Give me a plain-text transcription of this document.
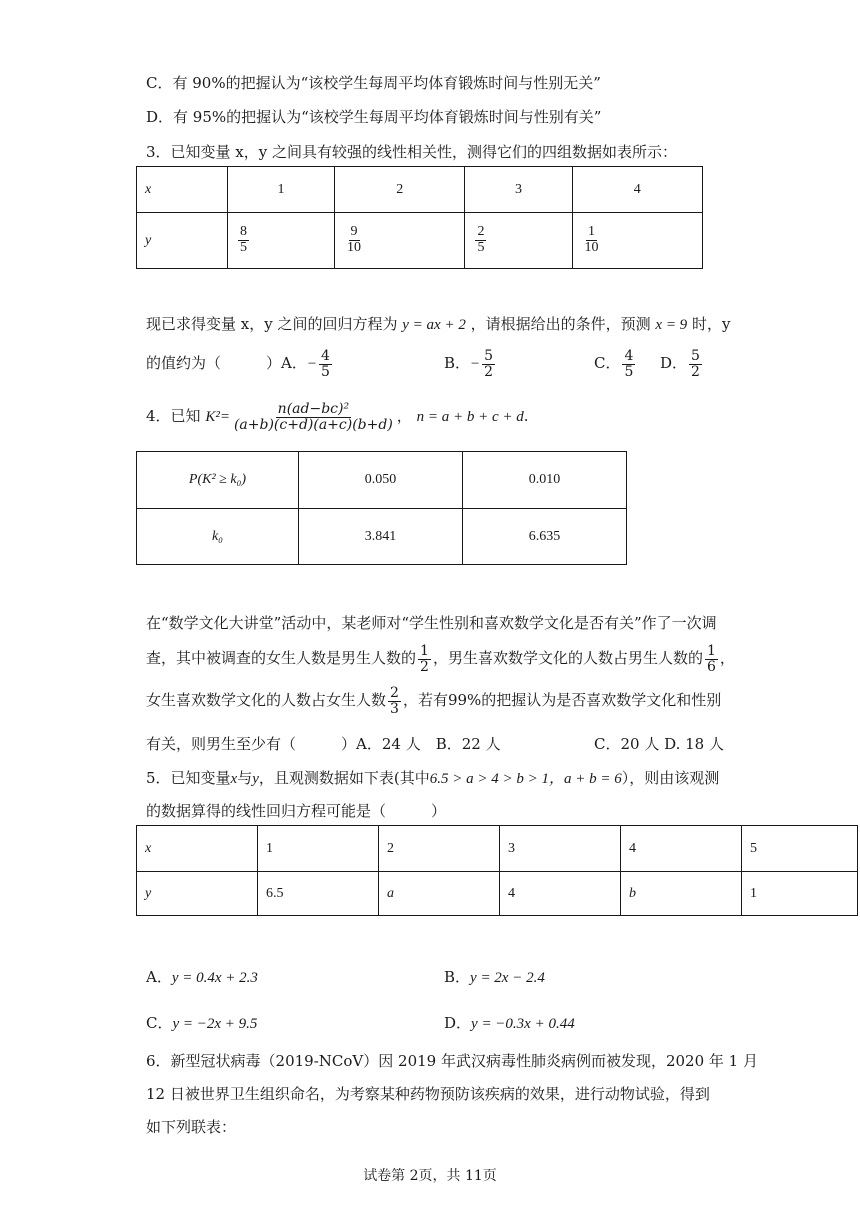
C．有 90%的把握认为“该校学生每周平均体育锻炼时间与性别无关”
D．有 95%的把握认为“该校学生每周平均体育锻炼时间与性别有关”
3．已知变量 x，y 之间具有较强的线性相关性，测得它们的四组数据如表所示：
x	1	2	3	4
y	$\frac{8}{5}$	$\frac{9}{10}$	$\frac{2}{5}$	$\frac{1}{10}$
现已求得变量 x，y 之间的回归方程为 y = ax + 2 ，请根据给出的条件，预测 x = 9 时，y
的值约为（　　　）A．− $\frac{4}{5}$	B．− $\frac{5}{2}$	C． $\frac{4}{5}$ D． $\frac{5}{2}$
4．已知 $K^2= \frac{\text{n(ad−bc)²}}{(a+b)(c+d)(a+c)(b+d)}$ ， n = a + b + c + d.
P(K² ≥ k₀)	0.050	0.010
k₀	3.841	6.635
在“数学文化大讲堂”活动中，某老师对“学生性别和喜欢数学文化是否有关”作了一次调
查，其中被调查的女生人数是男生人数的 $\frac{1}{2}$ ，男生喜欢数学文化的人数占男生人数的 $\frac{1}{6}$ ，
女生喜欢数学文化的人数占女生人数 $\frac{2}{3}$ ，若有99%的把握认为是否喜欢数学文化和性别
有关，则男生至少有（　　　）A．24 人　B．22 人	C．20 人 D. 18 人
5．已知变量x与y，且观测数据如下表(其中6.5 > a > 4 > b > 1，a + b = 6），则由该观测
的数据算得的线性回归方程可能是（　　　）
x	1	2	3	4	5
y	6.5	a	4	b	1
A．y = 0.4x + 2.3	B．y = 2x − 2.4
C．y = −2x + 9.5	D．y = −0.3x + 0.44
6．新型冠状病毒（2019-NCoV）因 2019 年武汉病毒性肺炎病例而被发现，2020 年 1 月
12 日被世界卫生组织命名，为考察某种药物预防该疾病的效果，进行动物试验，得到
如下列联表：
试卷第 2页，共 11页
